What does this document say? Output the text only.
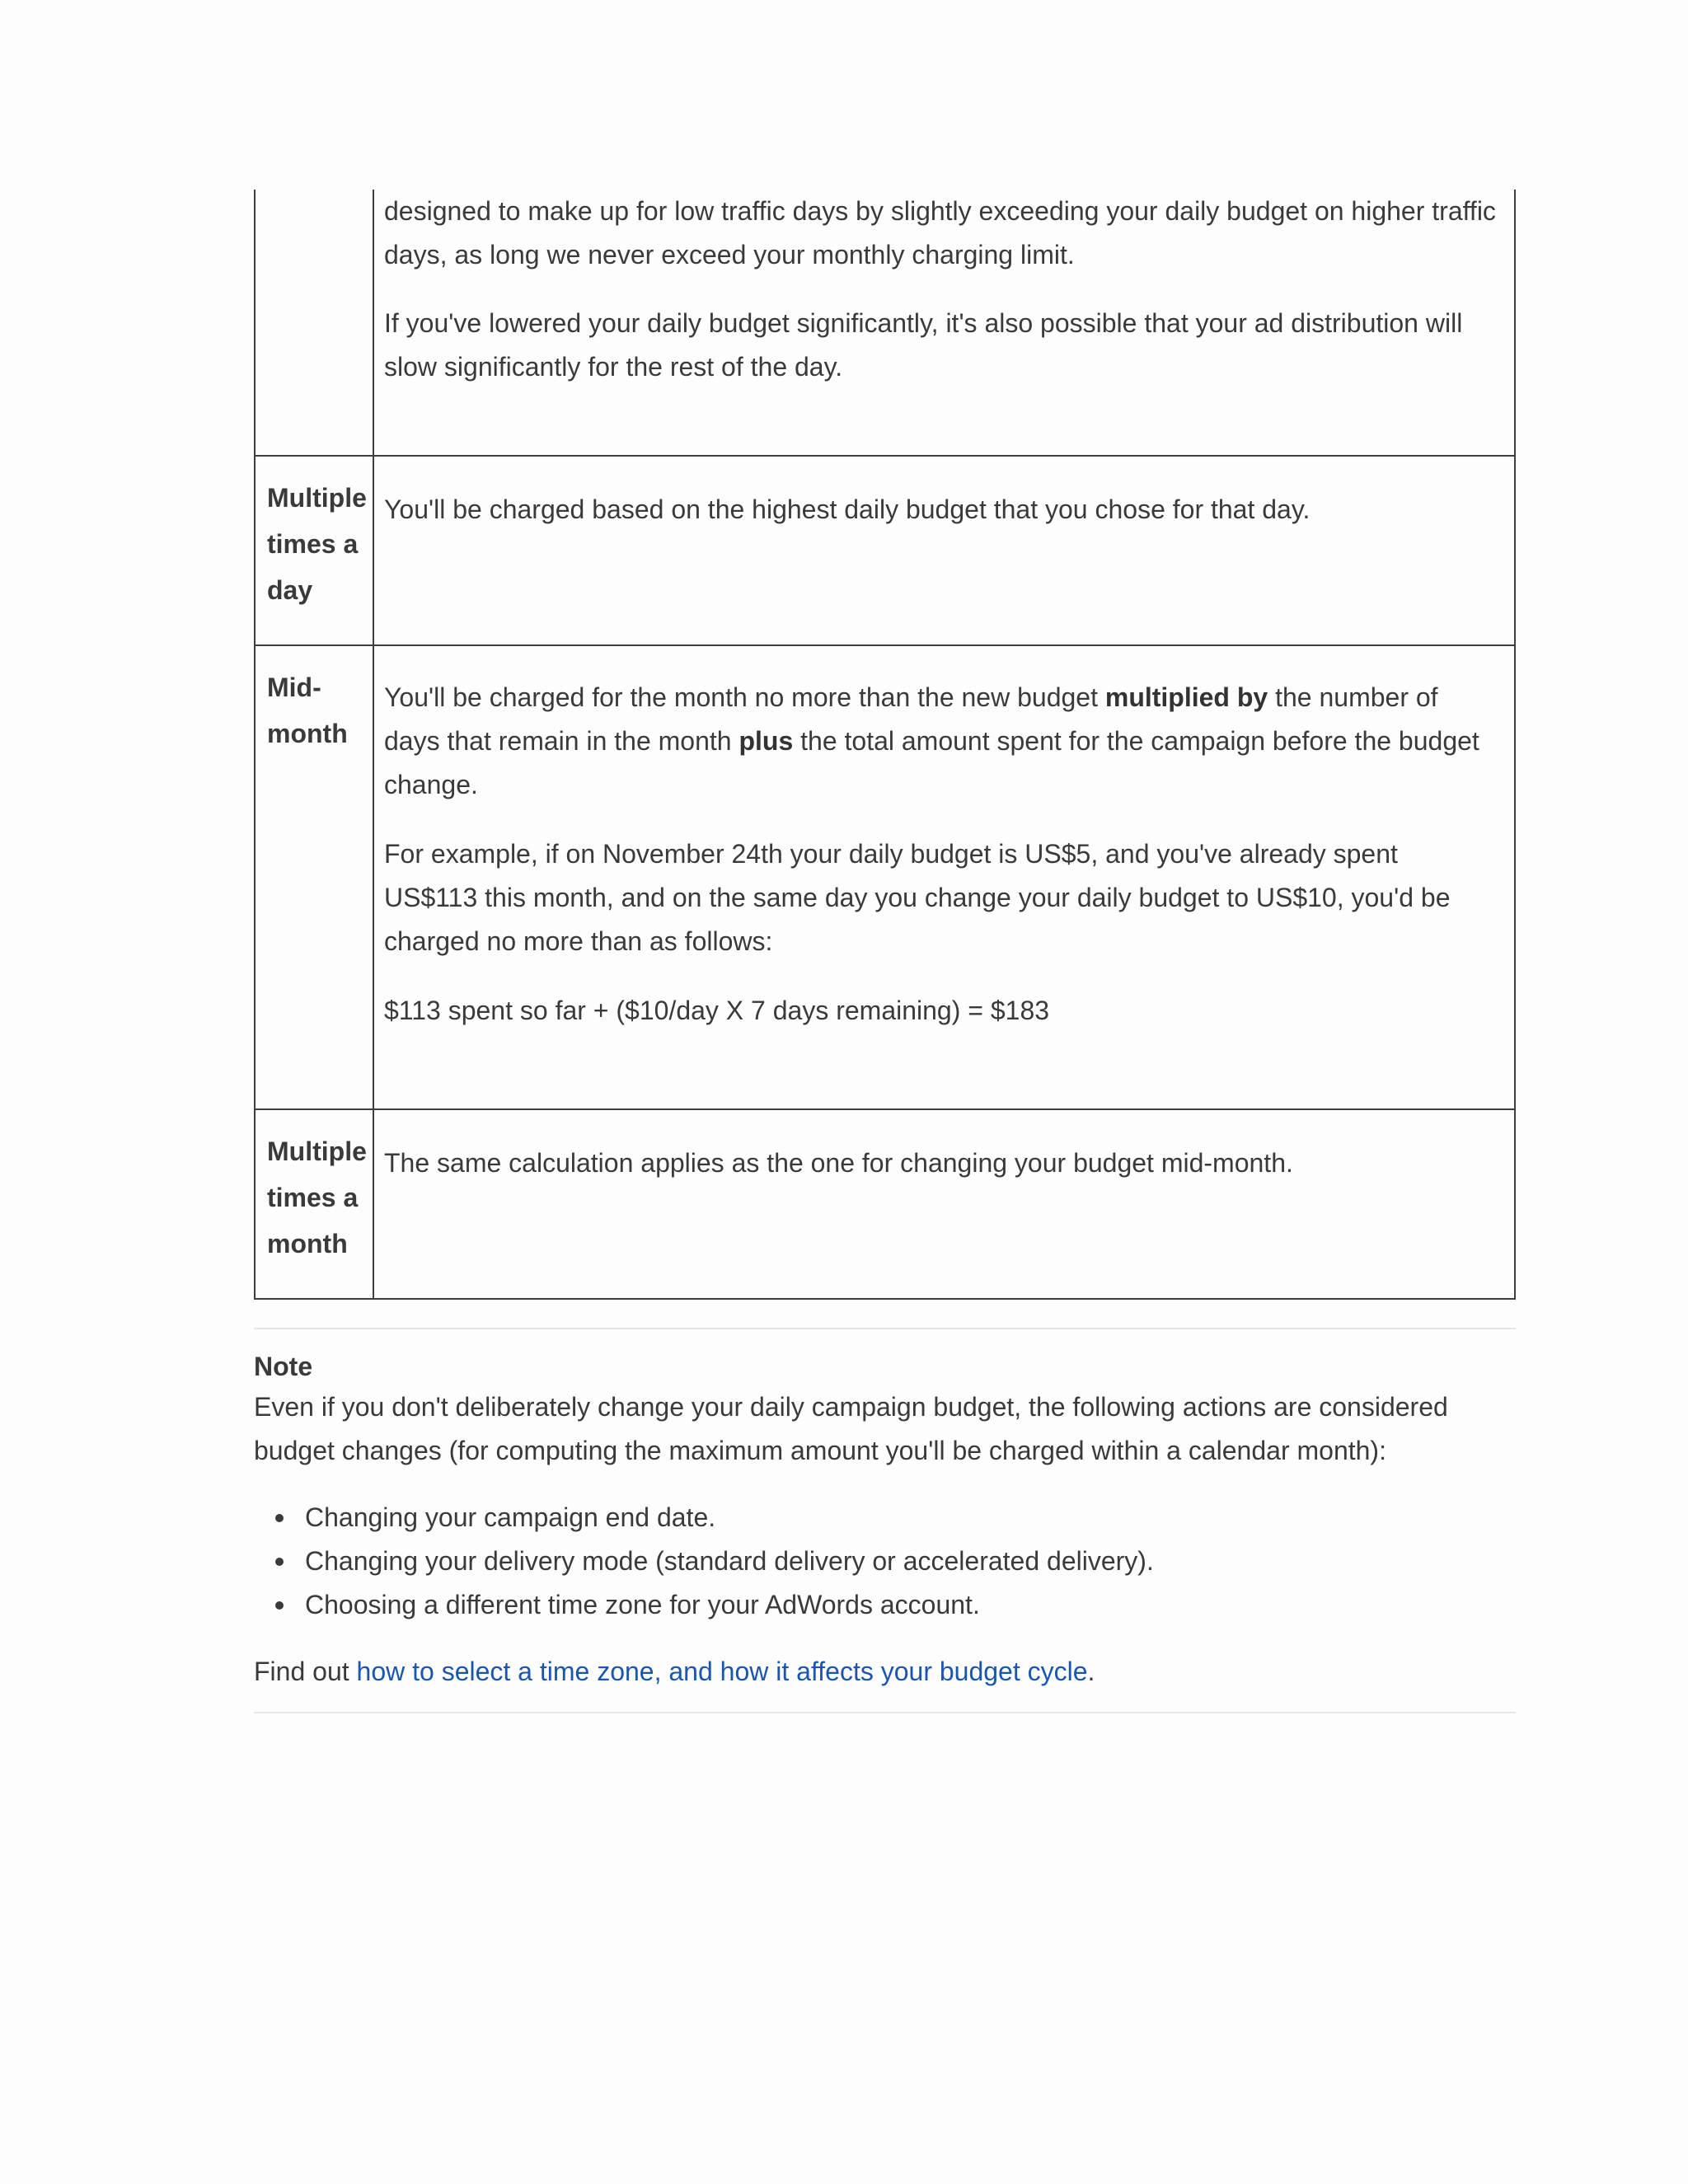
	designed to make up for low traffic days by slightly exceeding your daily budget on higher traffic days, as long we never exceed your monthly charging limit.

If you've lowered your daily budget significantly, it's also possible that your ad distribution will slow significantly for the rest of the day.

Multiple times a day	You'll be charged based on the highest daily budget that you chose for that day.

Mid-month	You'll be charged for the month no more than the new budget multiplied by the number of days that remain in the month plus the total amount spent for the campaign before the budget change.

For example, if on November 24th your daily budget is US$5, and you've already spent US$113 this month, and on the same day you change your daily budget to US$10, you'd be charged no more than as follows:

$113 spent so far + ($10/day X 7 days remaining) = $183

Multiple times a month	The same calculation applies as the one for changing your budget mid-month.

Note

Even if you don't deliberately change your daily campaign budget, the following actions are considered budget changes (for computing the maximum amount you'll be charged within a calendar month):

Changing your campaign end date.
Changing your delivery mode (standard delivery or accelerated delivery).
Choosing a different time zone for your AdWords account.

Find out how to select a time zone, and how it affects your budget cycle.
